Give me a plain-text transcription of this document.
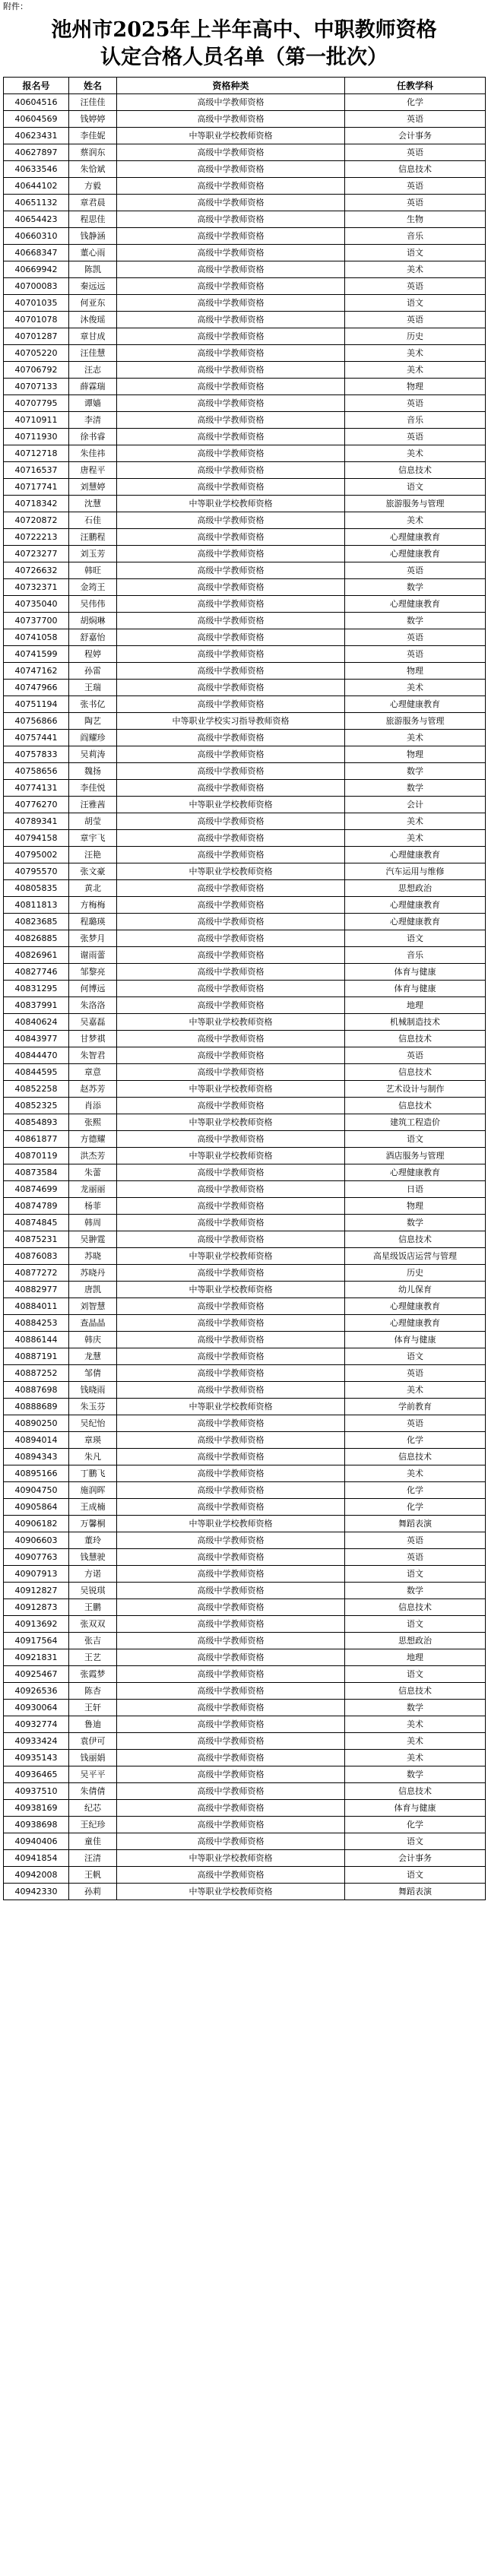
附件：
池州市2025年上半年高中、中职教师资格
认定合格人员名单（第一批次）
报名号	姓名	资格种类	任教学科
40604516	汪佳佳	高级中学教师资格	化学
40604569	钱婷婷	高级中学教师资格	英语
40623431	李佳妮	中等职业学校教师资格	会计事务
40627897	蔡润东	高级中学教师资格	英语
40633546	朱恰斌	高级中学教师资格	信息技术
40644102	方毅	高级中学教师资格	英语
40651132	章君晨	高级中学教师资格	英语
40654423	程思佳	高级中学教师资格	生物
40660310	钱静涵	高级中学教师资格	音乐
40668347	董心雨	高级中学教师资格	语文
40669942	陈凯	高级中学教师资格	美术
40700083	秦远远	高级中学教师资格	英语
40701035	何亚东	高级中学教师资格	语文
40701078	沐俊瑶	高级中学教师资格	英语
40701287	章甘成	高级中学教师资格	历史
40705220	汪佳慧	高级中学教师资格	美术
40706792	汪志	高级中学教师资格	美术
40707133	薛霖瑞	高级中学教师资格	物理
40707795	谭嫱	高级中学教师资格	英语
40710911	李清	高级中学教师资格	音乐
40711930	徐书睿	高级中学教师资格	英语
40712718	朱佳祎	高级中学教师资格	美术
40716537	唐程平	高级中学教师资格	信息技术
40717741	刘慧婷	高级中学教师资格	语文
40718342	沈慧	中等职业学校教师资格	旅游服务与管理
40720872	石佳	高级中学教师资格	美术
40722213	汪鹏程	高级中学教师资格	心理健康教育
40723277	刘玉芳	高级中学教师资格	心理健康教育
40726632	韩旺	高级中学教师资格	英语
40732371	金筠王	高级中学教师资格	数学
40735040	吴伟伟	高级中学教师资格	心理健康教育
40737700	胡焖琳	高级中学教师资格	数学
40741058	舒嘉怡	高级中学教师资格	英语
40741599	程婷	高级中学教师资格	英语
40747162	孙雷	高级中学教师资格	物理
40747966	王瑞	高级中学教师资格	美术
40751194	张书亿	高级中学教师资格	心理健康教育
40756866	陶艺	中等职业学校实习指导教师资格	旅游服务与管理
40757441	阎耀珍	高级中学教师资格	美术
40757833	吴莉涛	高级中学教师资格	物理
40758656	魏扬	高级中学教师资格	数学
40774131	李佳悦	高级中学教师资格	数学
40776270	汪雅茜	中等职业学校教师资格	会计
40789341	胡莹	高级中学教师资格	美术
40794158	章宇飞	高级中学教师资格	美术
40795002	汪艳	高级中学教师资格	心理健康教育
40795570	张文豪	中等职业学校教师资格	汽车运用与维修
40805835	黄北	高级中学教师资格	思想政治
40811813	方梅梅	高级中学教师资格	心理健康教育
40823685	程璐瑛	高级中学教师资格	心理健康教育
40826885	张梦月	高级中学教师资格	语文
40826961	谢雨蕾	高级中学教师资格	音乐
40827746	邹黎亮	高级中学教师资格	体育与健康
40831295	何博远	高级中学教师资格	体育与健康
40837991	朱洛洛	高级中学教师资格	地理
40840624	吴嘉磊	中等职业学校教师资格	机械制造技术
40843977	甘梦祺	高级中学教师资格	信息技术
40844470	朱智君	高级中学教师资格	英语
40844595	章意	高级中学教师资格	信息技术
40852258	赵苏芳	中等职业学校教师资格	艺术设计与制作
40852325	肖添	高级中学教师资格	信息技术
40854893	张熙	中等职业学校教师资格	建筑工程造价
40861877	方德耀	高级中学教师资格	语文
40870119	洪杰芳	中等职业学校教师资格	酒店服务与管理
40873584	朱蕾	高级中学教师资格	心理健康教育
40874699	龙丽丽	高级中学教师资格	日语
40874789	杨菲	高级中学教师资格	物理
40874845	韩周	高级中学教师资格	数学
40875231	吴翀霆	高级中学教师资格	信息技术
40876083	苏晓	中等职业学校教师资格	高星级饭店运营与管理
40877272	苏晓丹	高级中学教师资格	历史
40882977	唐凯	中等职业学校教师资格	幼儿保育
40884011	刘智慧	高级中学教师资格	心理健康教育
40884253	查晶晶	高级中学教师资格	心理健康教育
40886144	韩庆	高级中学教师资格	体育与健康
40887191	龙慧	高级中学教师资格	语文
40887252	邹倩	高级中学教师资格	英语
40887698	钱晓雨	高级中学教师资格	美术
40888689	朱玉芬	中等职业学校教师资格	学前教育
40890250	吴纪怡	高级中学教师资格	英语
40894014	章瑛	高级中学教师资格	化学
40894343	朱凡	高级中学教师资格	信息技术
40895166	丁鹏飞	高级中学教师资格	美术
40904750	施润晖	高级中学教师资格	化学
40905864	王成楠	高级中学教师资格	化学
40906182	万馨桐	中等职业学校教师资格	舞蹈表演
40906603	董玲	高级中学教师资格	英语
40907763	钱慧驶	高级中学教师资格	英语
40907913	方诺	高级中学教师资格	语文
40912827	吴锐琪	高级中学教师资格	数学
40912873	王鹏	高级中学教师资格	信息技术
40913692	张双双	高级中学教师资格	语文
40917564	张吉	高级中学教师资格	思想政治
40921831	王艺	高级中学教师资格	地理
40925467	张霞梦	高级中学教师资格	语文
40926536	陈杏	高级中学教师资格	信息技术
40930064	王轩	高级中学教师资格	数学
40932774	鲁迪	高级中学教师资格	美术
40933424	袁伊可	高级中学教师资格	美术
40935143	钱丽娟	高级中学教师资格	美术
40936465	吴平平	高级中学教师资格	数学
40937510	朱倩倩	高级中学教师资格	信息技术
40938169	纪芯	高级中学教师资格	体育与健康
40938698	王纪珍	高级中学教师资格	化学
40940406	童佳	高级中学教师资格	语文
40941854	汪清	中等职业学校教师资格	会计事务
40942008	王帆	高级中学教师资格	语文
40942330	孙莉	中等职业学校教师资格	舞蹈表演
